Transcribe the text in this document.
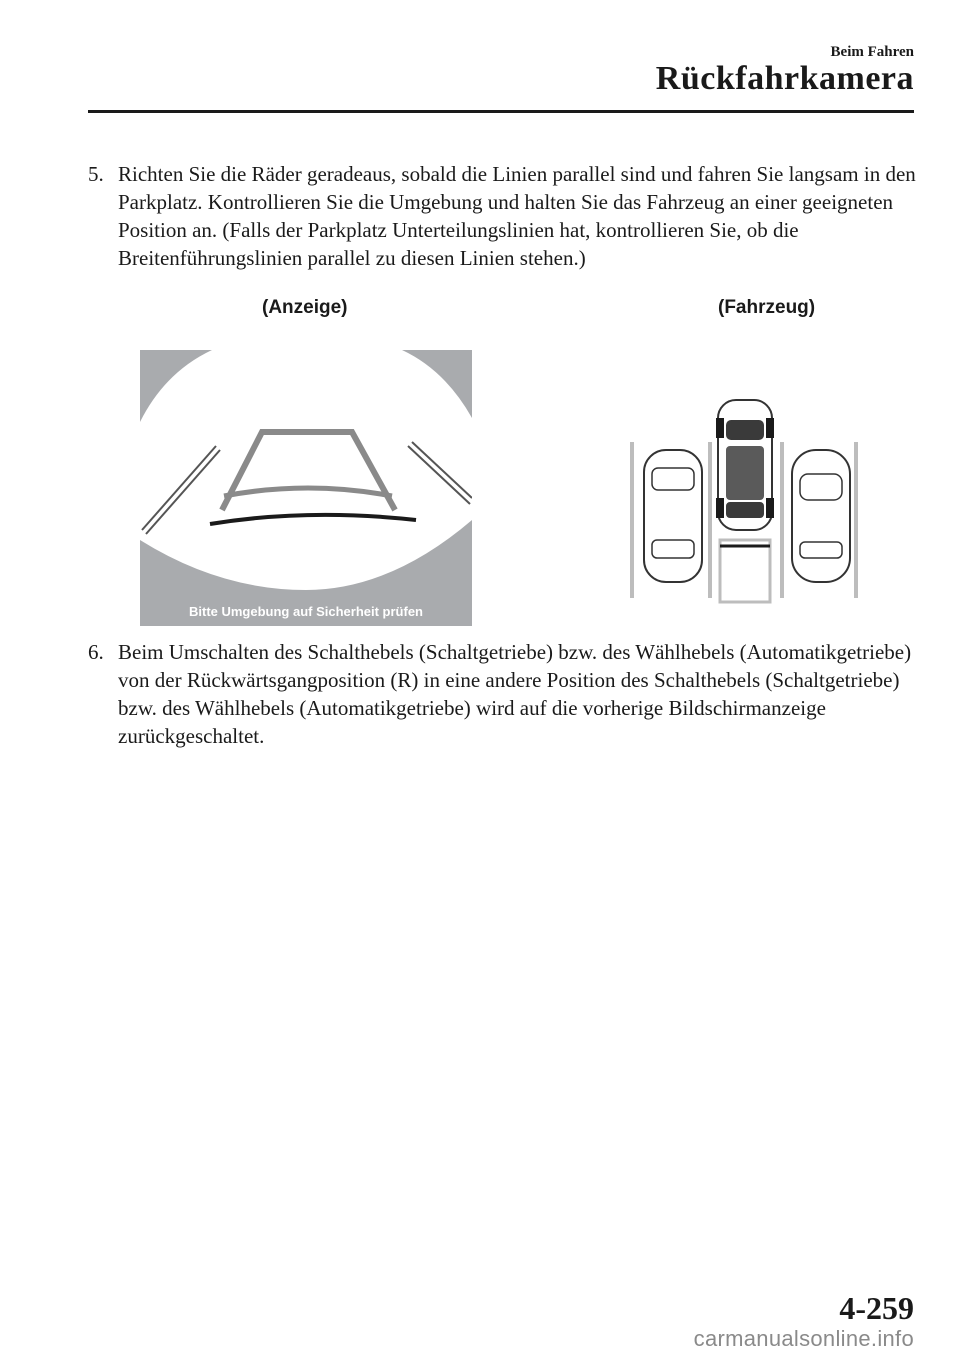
Beim Fahren
Rückfahrkamera
5. Richten Sie die Räder geradeaus, sobald die Linien parallel sind und fahren Sie langsam in den Parkplatz. Kontrollieren Sie die Umgebung und halten Sie das Fahrzeug an einer geeigneten Position an. (Falls der Parkplatz Unterteilungslinien hat, kontrollieren Sie, ob die Breitenführungslinien parallel zu diesen Linien stehen.)
(Anzeige)	(Fahrzeug)
Bitte Umgebung auf Sicherheit prüfen
6. Beim Umschalten des Schalthebels (Schaltgetriebe) bzw. des Wählhebels (Automatikgetriebe) von der Rückwärtsgangposition (R) in eine andere Position des Schalthebels (Schaltgetriebe) bzw. des Wählhebels (Automatikgetriebe) wird auf die vorherige Bildschirmanzeige zurückgeschaltet.
4-259
carmanualsonline.info
